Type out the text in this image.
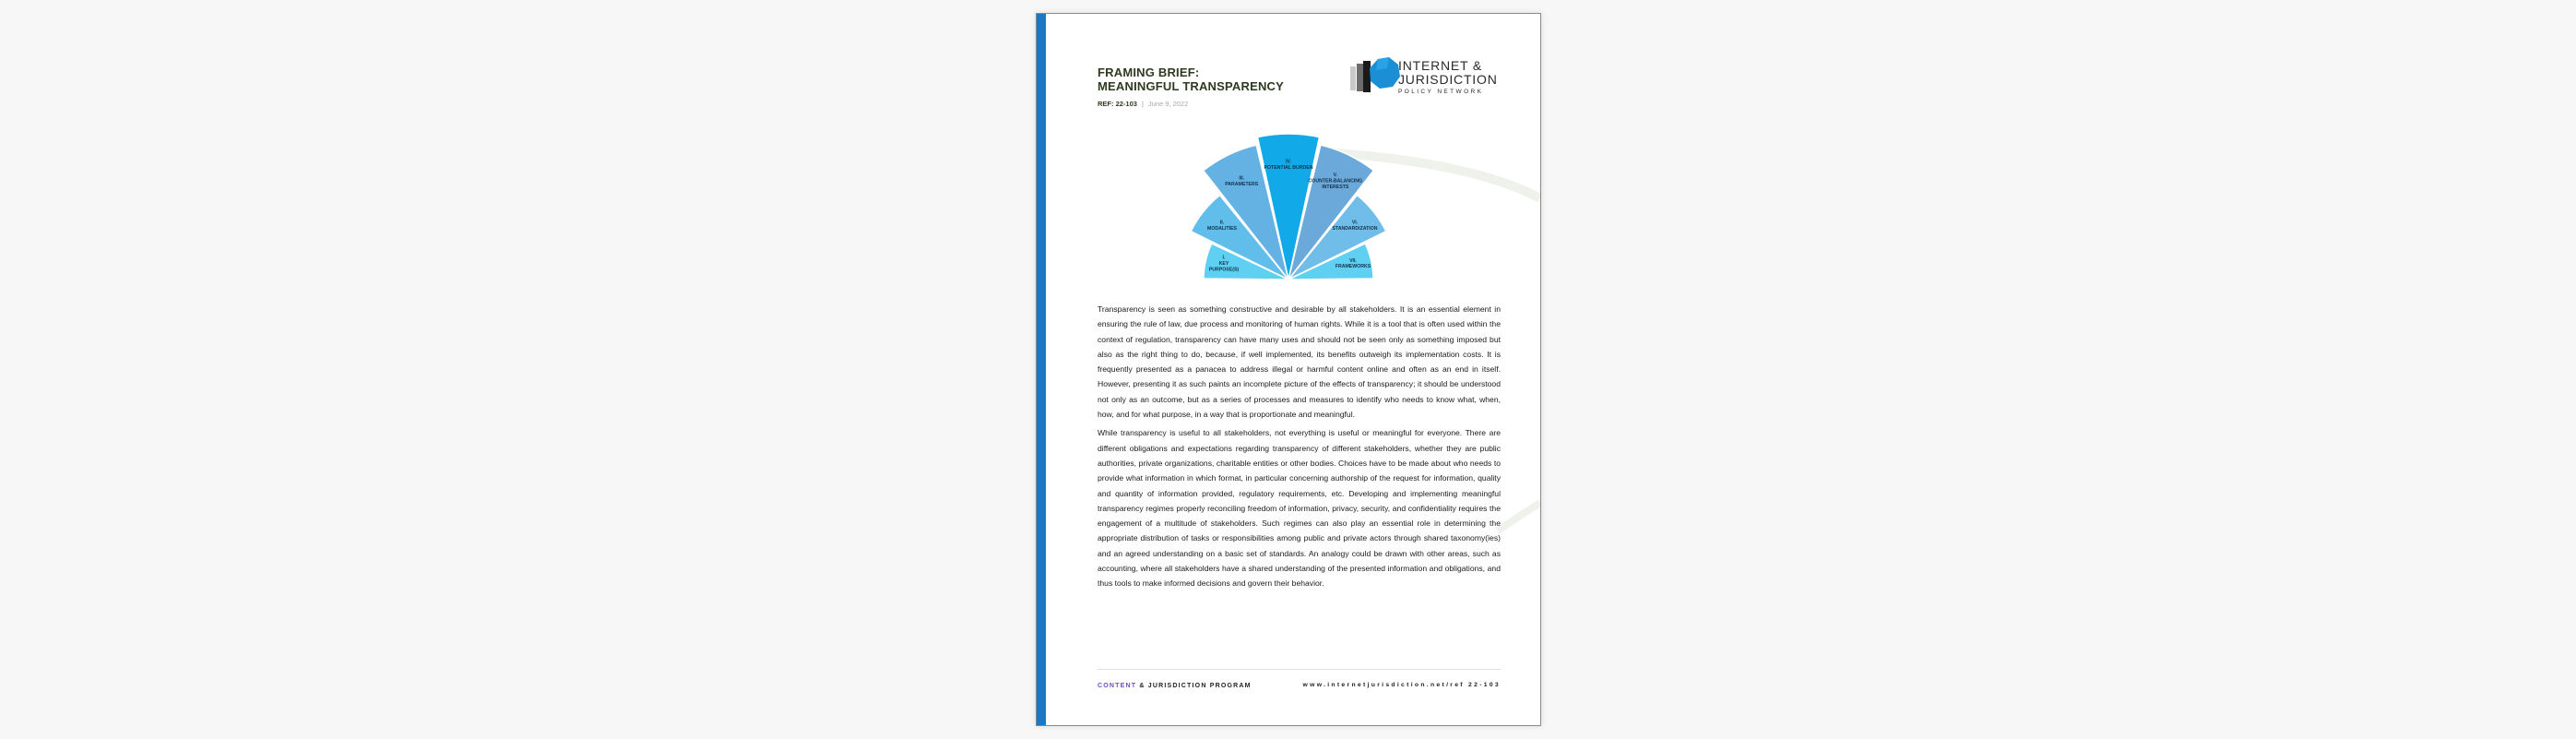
FRAMING BRIEF:
MEANINGFUL TRANSPARENCY
REF: 22-103 | June 9, 2022
INTERNET &
JURISDICTION
POLICY NETWORK
I. KEY PURPOSE(S)
II. MODALITIES
III. PARAMETERS
IV. POTENTIAL BURDEN
V. COUNTER-BALANCING INTERESTS
VI. STANDARDIZATION
VII. FRAMEWORKS

Transparency is seen as something constructive and desirable by all stakeholders. It is an essential element in ensuring the rule of law, due process and monitoring of human rights. While it is a tool that is often used within the context of regulation, transparency can have many uses and should not be seen only as something imposed but also as the right thing to do, because, if well implemented, its benefits outweigh its implementation costs. It is frequently presented as a panacea to address illegal or harmful content online and often as an end in itself. However, presenting it as such paints an incomplete picture of the effects of transparency; it should be understood not only as an outcome, but as a series of processes and measures to identify who needs to know what, when, how, and for what purpose, in a way that is proportionate and meaningful.

While transparency is useful to all stakeholders, not everything is useful or meaningful for everyone. There are different obligations and expectations regarding transparency of different stakeholders, whether they are public authorities, private organizations, charitable entities or other bodies. Choices have to be made about who needs to provide what information in which format, in particular concerning authorship of the request for information, quality and quantity of information provided, regulatory requirements, etc. Developing and implementing meaningful transparency regimes properly reconciling freedom of information, privacy, security, and confidentiality requires the engagement of a multitude of stakeholders. Such regimes can also play an essential role in determining the appropriate distribution of tasks or responsibilities among public and private actors through shared taxonomy(ies) and an agreed understanding on a basic set of standards. An analogy could be drawn with other areas, such as accounting, where all stakeholders have a shared understanding of the presented information and obligations, and thus tools to make informed decisions and govern their behavior.

CONTENT & JURISDICTION PROGRAM	www.internetjurisdiction.net/ref 22-103
